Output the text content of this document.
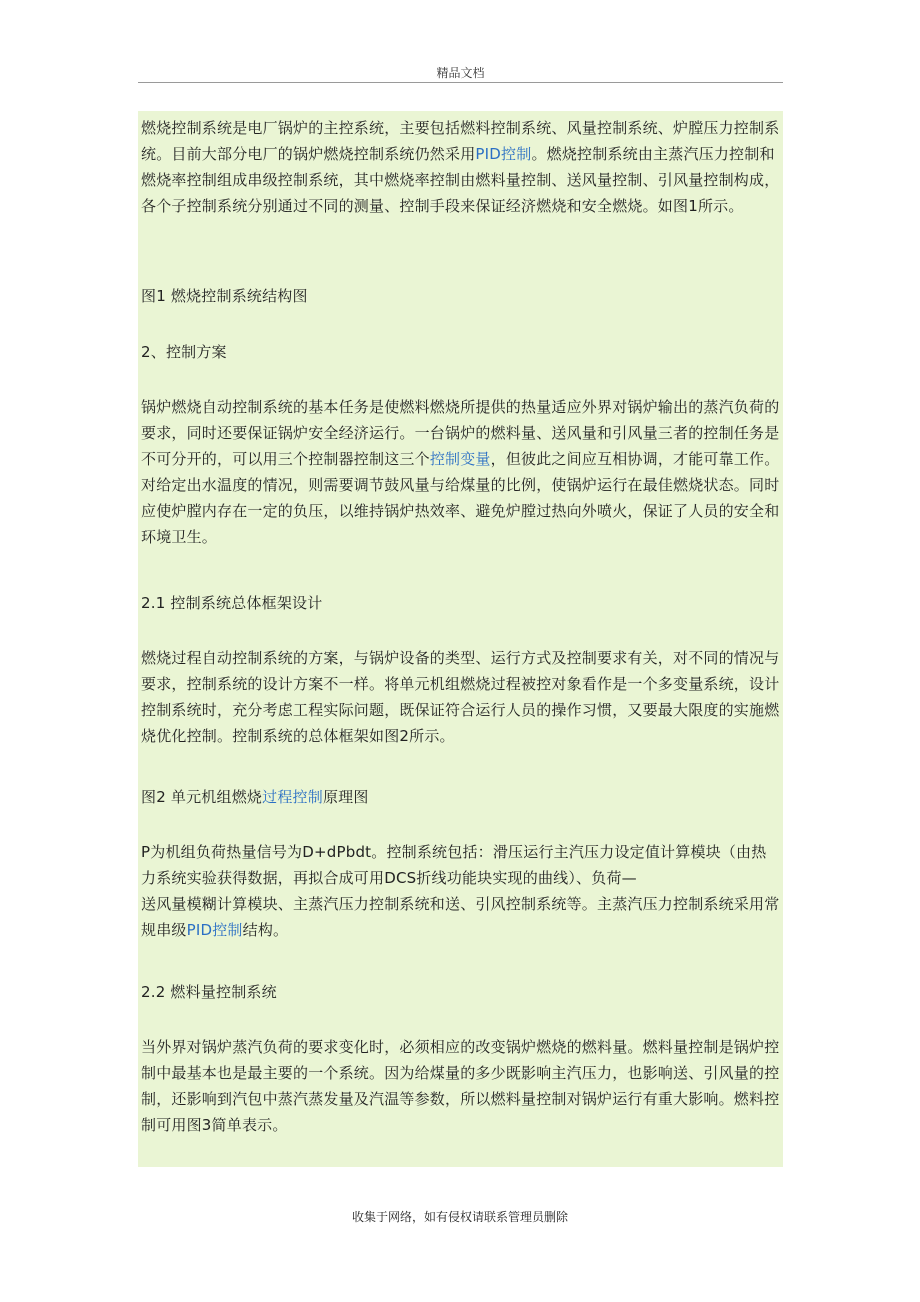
精品文档

燃烧控制系统是电厂锅炉的主控系统，主要包括燃料控制系统、风量控制系统、炉膛压力控制系统。目前大部分电厂的锅炉燃烧控制系统仍然采用PID控制。燃烧控制系统由主蒸汽压力控制和燃烧率控制组成串级控制系统，其中燃烧率控制由燃料量控制、送风量控制、引风量控制构成，各个子控制系统分别通过不同的测量、控制手段来保证经济燃烧和安全燃烧。如图1所示。

图1 燃烧控制系统结构图

2、控制方案

锅炉燃烧自动控制系统的基本任务是使燃料燃烧所提供的热量适应外界对锅炉输出的蒸汽负荷的要求，同时还要保证锅炉安全经济运行。一台锅炉的燃料量、送风量和引风量三者的控制任务是不可分开的，可以用三个控制器控制这三个控制变量，但彼此之间应互相协调，才能可靠工作。对给定出水温度的情况，则需要调节鼓风量与给煤量的比例，使锅炉运行在最佳燃烧状态。同时应使炉膛内存在一定的负压，以维持锅炉热效率、避免炉膛过热向外喷火，保证了人员的安全和环境卫生。

2.1 控制系统总体框架设计

燃烧过程自动控制系统的方案，与锅炉设备的类型、运行方式及控制要求有关，对不同的情况与要求，控制系统的设计方案不一样。将单元机组燃烧过程被控对象看作是一个多变量系统，设计控制系统时，充分考虑工程实际问题，既保证符合运行人员的操作习惯，又要最大限度的实施燃烧优化控制。控制系统的总体框架如图2所示。

图2 单元机组燃烧过程控制原理图

P为机组负荷热量信号为D+dPbdt。控制系统包括：滑压运行主汽压力设定值计算模块（由热力系统实验获得数据，再拟合成可用DCS折线功能块实现的曲线）、负荷—
送风量模糊计算模块、主蒸汽压力控制系统和送、引风控制系统等。主蒸汽压力控制系统采用常规串级PID控制结构。

2.2 燃料量控制系统

当外界对锅炉蒸汽负荷的要求变化时，必须相应的改变锅炉燃烧的燃料量。燃料量控制是锅炉控制中最基本也是最主要的一个系统。因为给煤量的多少既影响主汽压力，也影响送、引风量的控制，还影响到汽包中蒸汽蒸发量及汽温等参数，所以燃料量控制对锅炉运行有重大影响。燃料控制可用图3简单表示。

收集于网络，如有侵权请联系管理员删除
